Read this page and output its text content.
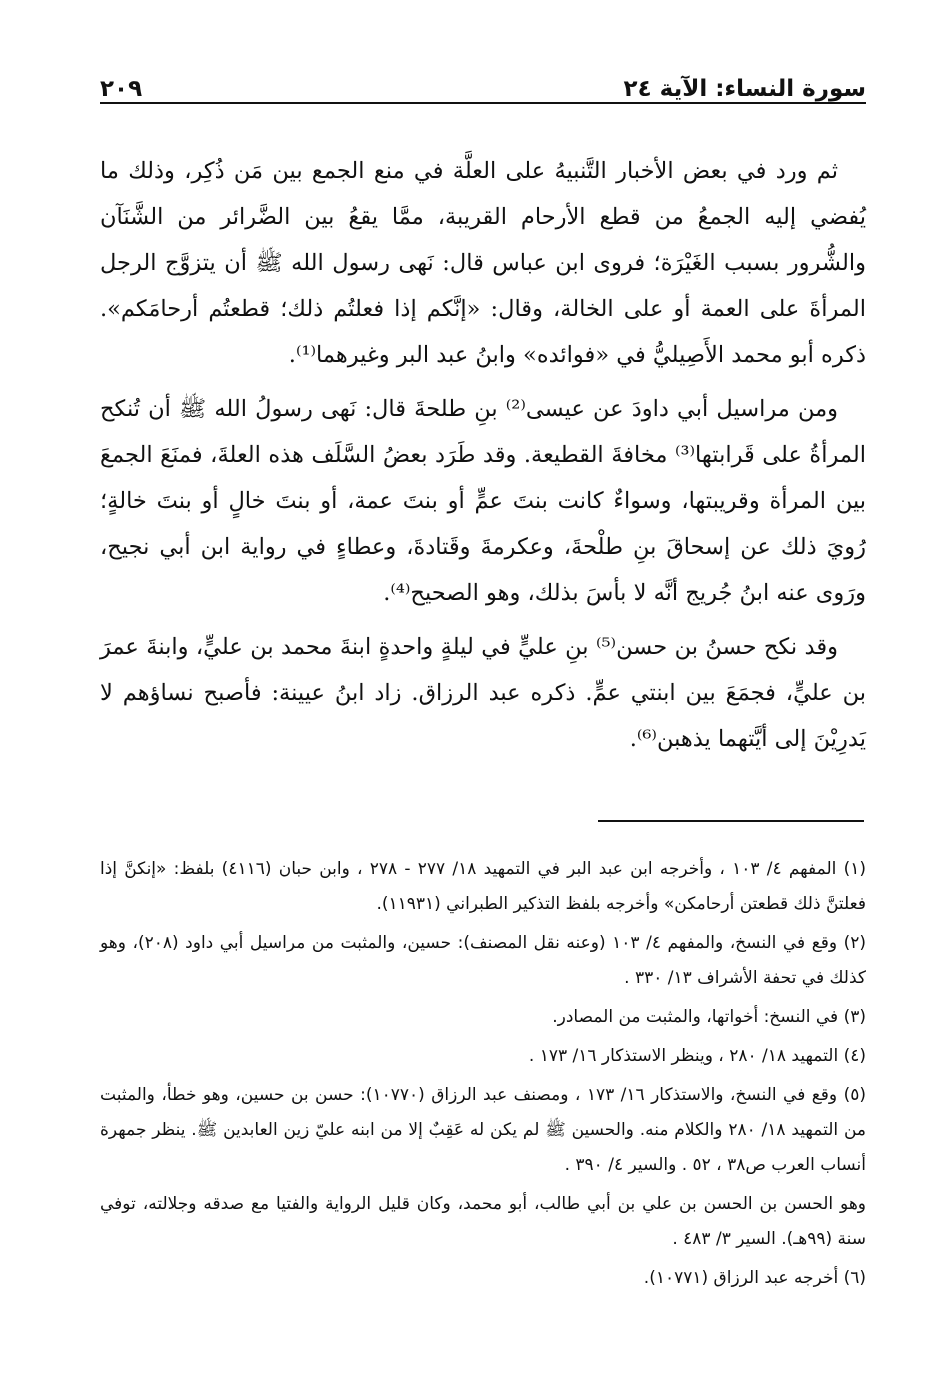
سورة النساء: الآية ٢٤
٢٠٩

ثم ورد في بعض الأخبار التَّنبيهُ على العلَّة في منع الجمع بين مَن ذُكِر، وذلك ما يُفضي إليه الجمعُ من قطع الأرحام القريبة، ممَّا يقعُ بين الضَّرائر من الشَّنَآن والشُّرور بسبب الغَيْرَة؛ فروى ابن عباس قال: نَهى رسول الله ﷺ أن يتزوَّج الرجل المرأةَ على العمة أو على الخالة، وقال: «إنَّكم إذا فعلتُم ذلك؛ قطعتُم أرحامَكم». ذكره أبو محمد الأَصِيليُّ في «فوائده» وابنُ عبد البر وغيرهما⁽¹⁾.

ومن مراسيل أبي داودَ عن عيسى⁽²⁾ بنِ طلحةَ قال: نَهى رسولُ الله ﷺ أن تُنكح المرأةُ على قَرابتها⁽³⁾ مخافةَ القطيعة. وقد طَرَد بعضُ السَّلَف هذه العلةَ، فمنَعَ الجمعَ بين المرأة وقريبتها، وسواءٌ كانت بنتَ عمٍّ أو بنتَ عمة، أو بنتَ خالٍ أو بنتَ خالةٍ؛ رُويَ ذلك عن إسحاقَ بنِ طلْحةَ، وعكرمةَ وقَتادةَ، وعطاءٍ في رواية ابن أبي نجيح، ورَوى عنه ابنُ جُريج أنَّه لا بأسَ بذلك، وهو الصحيح⁽⁴⁾.

وقد نكح حسنُ بن حسن⁽⁵⁾ بنِ عليٍّ في ليلةٍ واحدةٍ ابنةَ محمد بن عليٍّ، وابنةَ عمرَ بن عليٍّ، فجمَعَ بين ابنتي عمٍّ. ذكره عبد الرزاق. زاد ابنُ عيينة: فأصبح نساؤهم لا يَدرِيْنَ إلى أيَّتهما يذهبن⁽⁶⁾.

(١) المفهم ٤/ ١٠٣ ، وأخرجه ابن عبد البر في التمهيد ١٨/ ٢٧٧ - ٢٧٨ ، وابن حبان (٤١١٦) بلفظ: «إنكنَّ إذا فعلتنَّ ذلك قطعتن أرحامكن» وأخرجه بلفظ التذكير الطبراني (١١٩٣١).

(٢) وقع في النسخ، والمفهم ٤/ ١٠٣ (وعنه نقل المصنف): حسين، والمثبت من مراسيل أبي داود (٢٠٨)، وهو كذلك في تحفة الأشراف ١٣/ ٣٣٠ .

(٣) في النسخ: أخواتها، والمثبت من المصادر.

(٤) التمهيد ١٨/ ٢٨٠ ، وينظر الاستذكار ١٦/ ١٧٣ .

(٥) وقع في النسخ، والاستذكار ١٦/ ١٧٣ ، ومصنف عبد الرزاق (١٠٧٧٠): حسن بن حسين، وهو خطأ، والمثبت من التمهيد ١٨/ ٢٨٠ والكلام منه. والحسين ﷺ لم يكن له عَقِبٌ إلا من ابنه عليّ زين العابدين ﷺ. ينظر جمهرة أنساب العرب ص٣٨ ، ٥٢ . والسير ٤/ ٣٩٠ .

وهو الحسن بن الحسن بن علي بن أبي طالب، أبو محمد، وكان قليل الرواية والفتيا مع صدقه وجلالته، توفي سنة (٩٩هـ). السير ٣/ ٤٨٣ .

(٦) أخرجه عبد الرزاق (١٠٧٧١).
